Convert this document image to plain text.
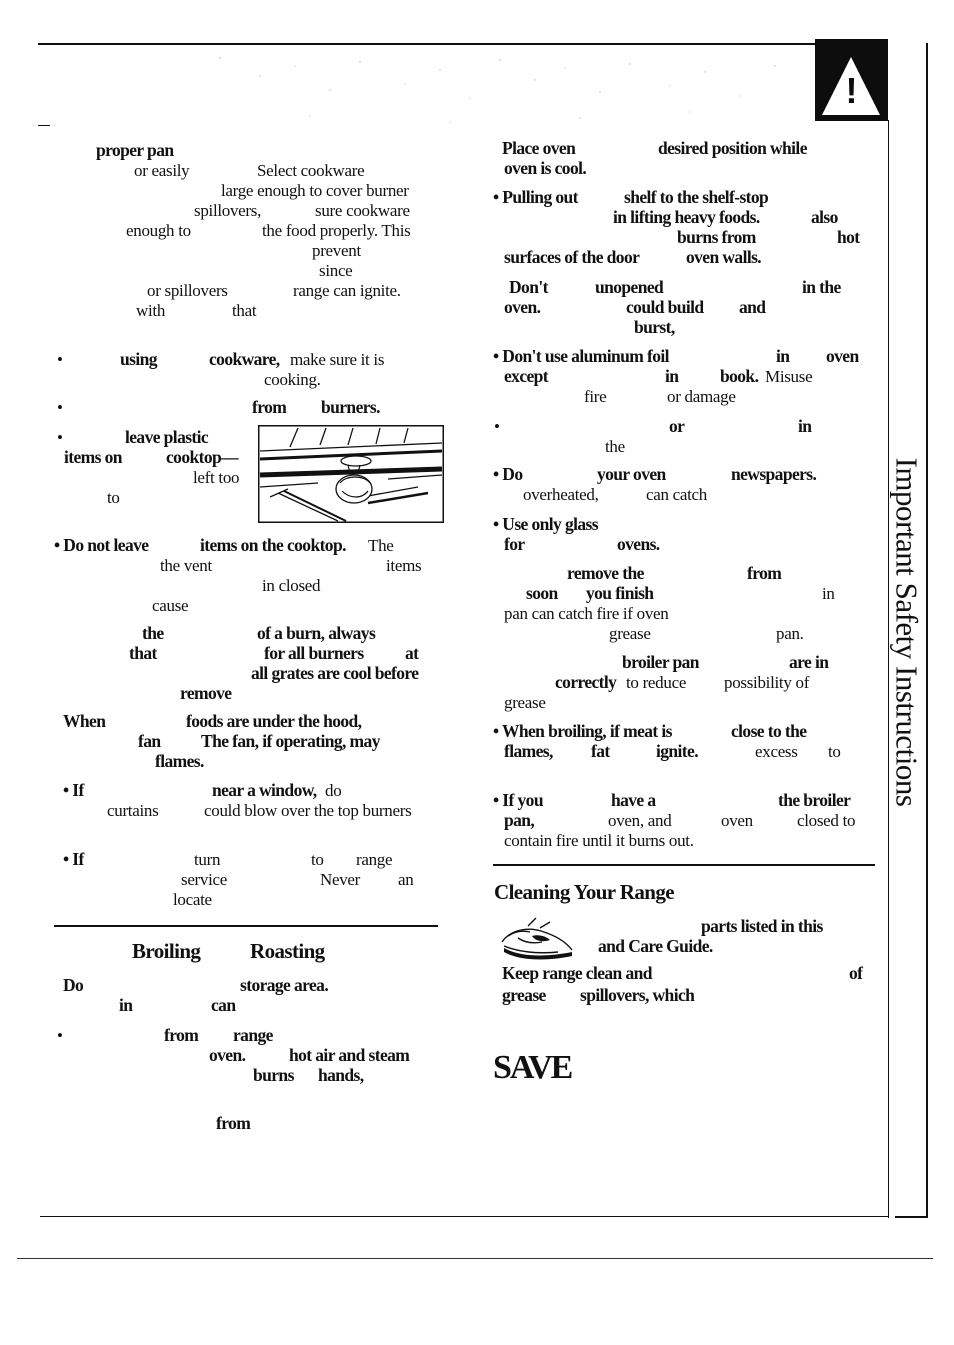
!
Important Safety Instructions
proper pan
or easily	Select cookware
large enough to cover burner
spillovers,	sure cookware
enough to	the food properly. This
prevent
since
or spillovers	range can ignite.
with	that
•	using	cookware, make sure it is
cooking.
•	from burners.
•	leave plastic
items on	cooktop—
left too
to
• Do not leave	items on the cooktop. The
the vent	items
in closed
cause
the	of a burn, always
that	for all burners at
all grates are cool before
remove
When	foods are under the hood,
fan The fan, if operating, may
flames.
• If	near a window, do
curtains	could blow over the top burners
• If	turn	to range
service	Never an
locate
Broiling Roasting
Do	storage area.
in	can
•	from range
oven. hot air and steam
burns hands,
from
Place oven	desired position while
oven is cool.
• Pulling out	shelf to the shelf-stop
in lifting heavy foods.	also
burns from	hot
surfaces of the door	oven walls.
Don't	unopened	in the
oven.	could build and
burst,
• Don't use aluminum foil	in oven
except	in book. Misuse
fire	or damage
•	or	in
the
• Do	your oven	newspapers.
overheated,	can catch
• Use only glass
for	ovens.
remove the	from
soon you finish	in
pan can catch fire if oven
grease	pan.
broiler pan	are in
correctly to reduce possibility of
grease
• When broiling, if meat is	close to the
flames, fat	ignite.	excess to
• If you	have a	the broiler
pan,	oven, and	oven	closed to
contain fire until it burns out.
Cleaning Your Range
parts listed in this
and Care Guide.
Keep range clean and	of
grease spillovers, which
SAVE
